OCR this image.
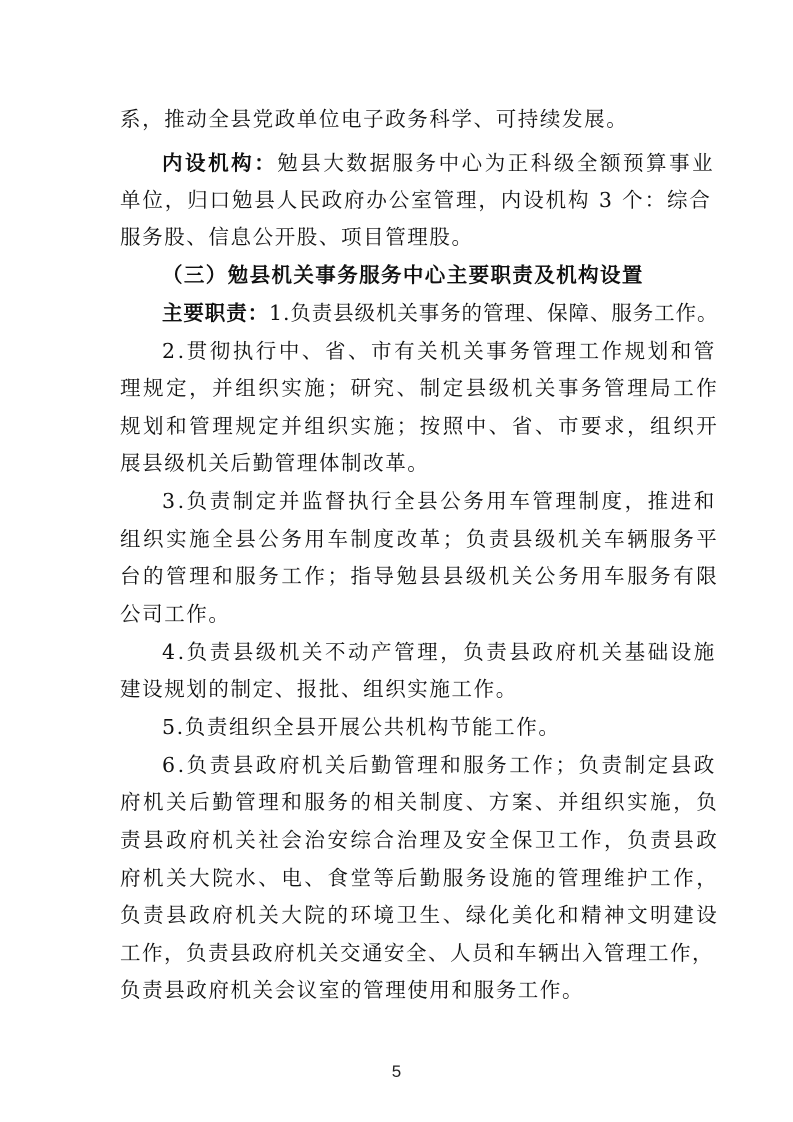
系，推动全县党政单位电子政务科学、可持续发展。
内设机构：勉县大数据服务中心为正科级全额预算事业
单位，归口勉县人民政府办公室管理，内设机构 3 个：综合
服务股、信息公开股、项目管理股。
（三）勉县机关事务服务中心主要职责及机构设置
主要职责：1.负责县级机关事务的管理、保障、服务工作。
2.贯彻执行中、省、市有关机关事务管理工作规划和管
理规定，并组织实施；研究、制定县级机关事务管理局工作
规划和管理规定并组织实施；按照中、省、市要求，组织开
展县级机关后勤管理体制改革。
3.负责制定并监督执行全县公务用车管理制度，推进和
组织实施全县公务用车制度改革；负责县级机关车辆服务平
台的管理和服务工作；指导勉县县级机关公务用车服务有限
公司工作。
4.负责县级机关不动产管理，负责县政府机关基础设施
建设规划的制定、报批、组织实施工作。
5.负责组织全县开展公共机构节能工作。
6.负责县政府机关后勤管理和服务工作；负责制定县政
府机关后勤管理和服务的相关制度、方案、并组织实施，负
责县政府机关社会治安综合治理及安全保卫工作，负责县政
府机关大院水、电、食堂等后勤服务设施的管理维护工作，
负责县政府机关大院的环境卫生、绿化美化和精神文明建设
工作，负责县政府机关交通安全、人员和车辆出入管理工作，
负责县政府机关会议室的管理使用和服务工作。
5
